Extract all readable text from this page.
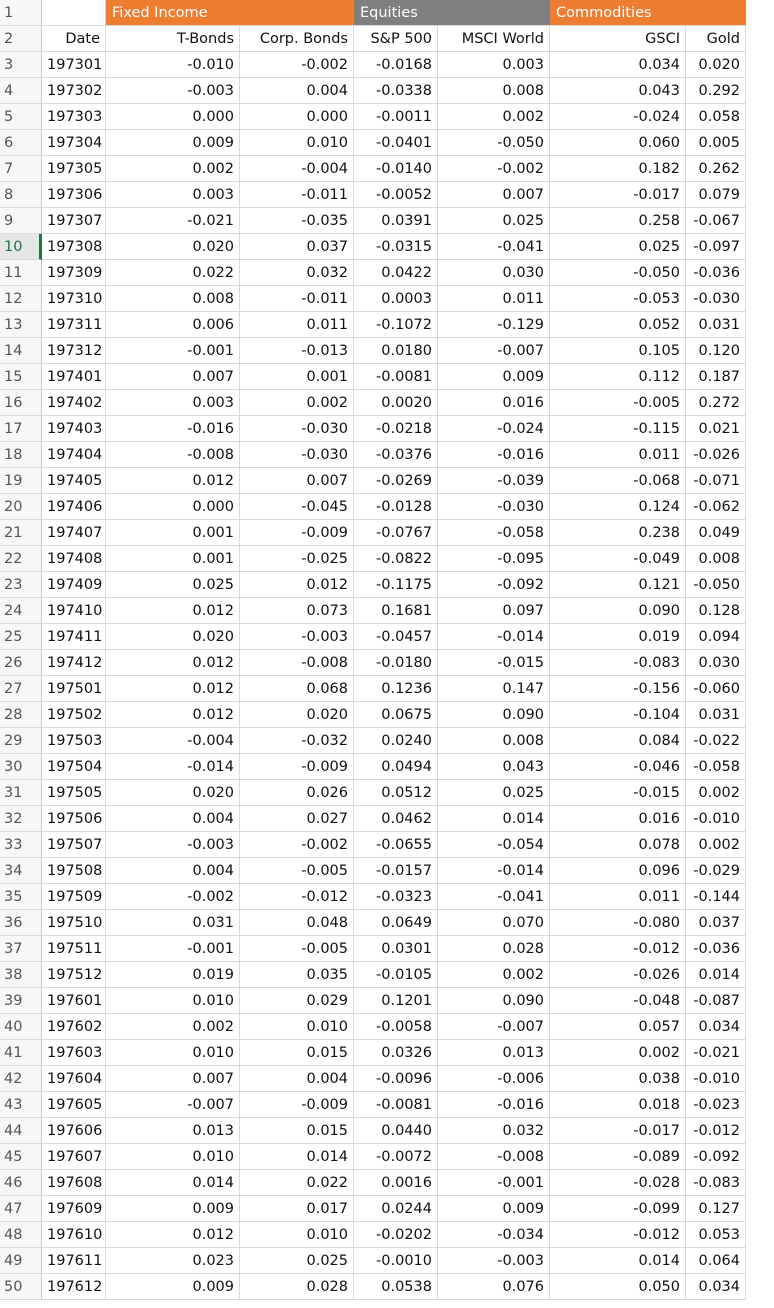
1	Fixed Income	Equities	Commodities
2	Date	T-Bonds	Corp. Bonds	S&P 500	MSCI World	GSCI	Gold
3	197301	-0.010	-0.002	-0.0168	0.003	0.034	0.020
4	197302	-0.003	0.004	-0.0338	0.008	0.043	0.292
5	197303	0.000	0.000	-0.0011	0.002	-0.024	0.058
6	197304	0.009	0.010	-0.0401	-0.050	0.060	0.005
7	197305	0.002	-0.004	-0.0140	-0.002	0.182	0.262
8	197306	0.003	-0.011	-0.0052	0.007	-0.017	0.079
9	197307	-0.021	-0.035	0.0391	0.025	0.258 -0.067
10	197308	0.020	0.037	-0.0315	-0.041	0.025 -0.097
11	197309	0.022	0.032	0.0422	0.030	-0.050 -0.036
12	197310	0.008	-0.011	0.0003	0.011	-0.053 -0.030
13	197311	0.006	0.011	-0.1072	-0.129	0.052	0.031
14	197312	-0.001	-0.013	0.0180	-0.007	0.105	0.120
15	197401	0.007	0.001	-0.0081	0.009	0.112	0.187
16	197402	0.003	0.002	0.0020	0.016	-0.005	0.272
17	197403	-0.016	-0.030	-0.0218	-0.024	-0.115	0.021
18	197404	-0.008	-0.030	-0.0376	-0.016	0.011 -0.026
19	197405	0.012	0.007	-0.0269	-0.039	-0.068 -0.071
20	197406	0.000	-0.045	-0.0128	-0.030	0.124 -0.062
21	197407	0.001	-0.009	-0.0767	-0.058	0.238	0.049
22	197408	0.001	-0.025	-0.0822	-0.095	-0.049	0.008
23	197409	0.025	0.012	-0.1175	-0.092	0.121 -0.050
24	197410	0.012	0.073	0.1681	0.097	0.090	0.128
25	197411	0.020	-0.003	-0.0457	-0.014	0.019	0.094
26	197412	0.012	-0.008	-0.0180	-0.015	-0.083	0.030
27	197501	0.012	0.068	0.1236	0.147	-0.156 -0.060
28	197502	0.012	0.020	0.0675	0.090	-0.104	0.031
29	197503	-0.004	-0.032	0.0240	0.008	0.084 -0.022
30	197504	-0.014	-0.009	0.0494	0.043	-0.046 -0.058
31	197505	0.020	0.026	0.0512	0.025	-0.015	0.002
32	197506	0.004	0.027	0.0462	0.014	0.016 -0.010
33	197507	-0.003	-0.002	-0.0655	-0.054	0.078	0.002
34	197508	0.004	-0.005	-0.0157	-0.014	0.096 -0.029
35	197509	-0.002	-0.012	-0.0323	-0.041	0.011 -0.144
36	197510	0.031	0.048	0.0649	0.070	-0.080	0.037
37	197511	-0.001	-0.005	0.0301	0.028	-0.012 -0.036
38	197512	0.019	0.035	-0.0105	0.002	-0.026	0.014
39	197601	0.010	0.029	0.1201	0.090	-0.048 -0.087
40	197602	0.002	0.010	-0.0058	-0.007	0.057	0.034
41	197603	0.010	0.015	0.0326	0.013	0.002 -0.021
42	197604	0.007	0.004	-0.0096	-0.006	0.038 -0.010
43	197605	-0.007	-0.009	-0.0081	-0.016	0.018 -0.023
44	197606	0.013	0.015	0.0440	0.032	-0.017 -0.012
45	197607	0.010	0.014	-0.0072	-0.008	-0.089 -0.092
46	197608	0.014	0.022	0.0016	-0.001	-0.028 -0.083
47	197609	0.009	0.017	0.0244	0.009	-0.099	0.127
48	197610	0.012	0.010	-0.0202	-0.034	-0.012	0.053
49	197611	0.023	0.025	-0.0010	-0.003	0.014	0.064
50	197612	0.009	0.028	0.0538	0.076	0.050	0.034
